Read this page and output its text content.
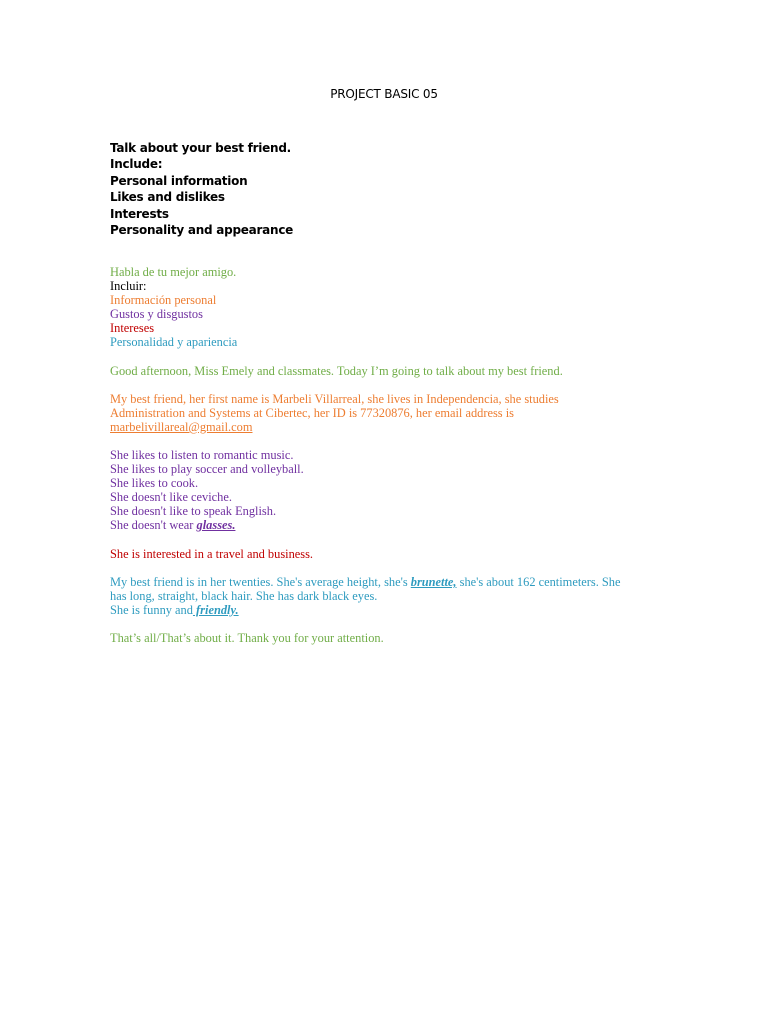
PROJECT BASIC 05

Talk about your best friend.
Include:
Personal information
Likes and dislikes
Interests
Personality and appearance
Habla de tu mejor amigo.
Incluir:
Información personal
Gustos y disgustos
Intereses
Personalidad y apariencia
Good afternoon, Miss Emely and classmates. Today I’m going to talk about my best friend.
My best friend, her first name is Marbeli Villarreal, she lives in Independencia, she studies
Administration and Systems at Cibertec, her ID is 77320876, her email address is
marbelivillareal@gmail.com
She likes to listen to romantic music.
She likes to play soccer and volleyball.
She likes to cook.
She doesn't like ceviche.
She doesn't like to speak English.
She doesn't wear glasses.
She is interested in a travel and business.
My best friend is in her twenties. She's average height, she's brunette, she's about 162 centimeters. She
has long, straight, black hair. She has dark black eyes.
She is funny and friendly.
That’s all/That’s about it. Thank you for your attention.
